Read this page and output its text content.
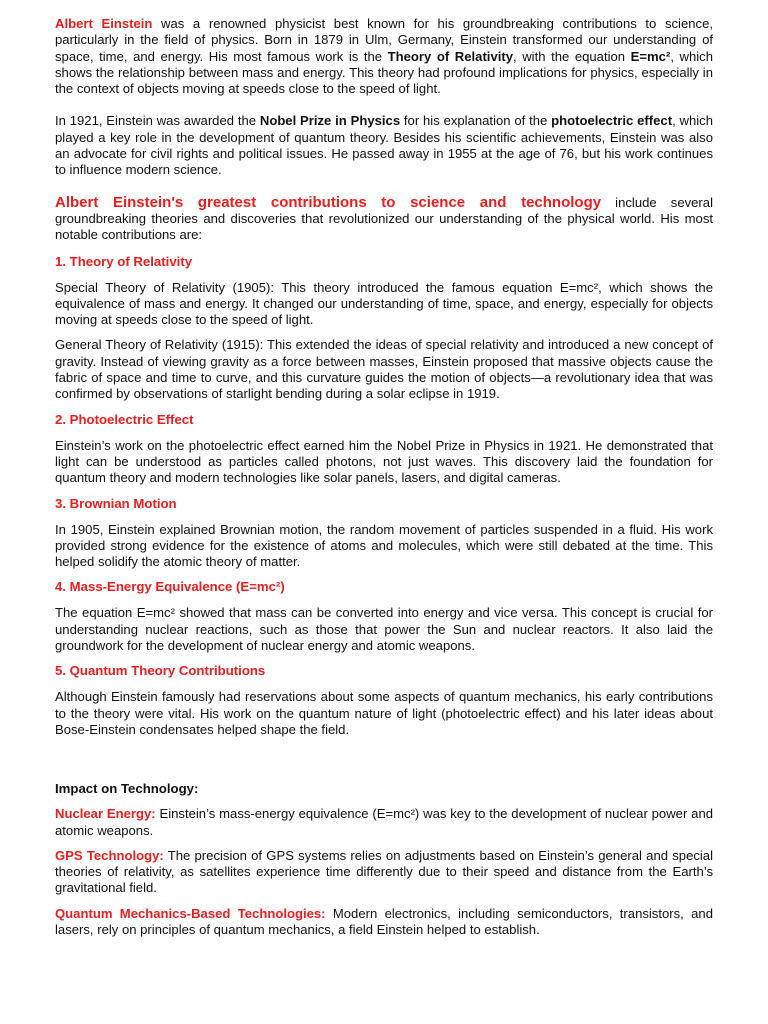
Albert Einstein was a renowned physicist best known for his groundbreaking contributions to science, particularly in the field of physics. Born in 1879 in Ulm, Germany, Einstein transformed our understanding of space, time, and energy. His most famous work is the Theory of Relativity, with the equation E=mc², which shows the relationship between mass and energy. This theory had profound implications for physics, especially in the context of objects moving at speeds close to the speed of light.

In 1921, Einstein was awarded the Nobel Prize in Physics for his explanation of the photoelectric effect, which played a key role in the development of quantum theory. Besides his scientific achievements, Einstein was also an advocate for civil rights and political issues. He passed away in 1955 at the age of 76, but his work continues to influence modern science.

Albert Einstein's greatest contributions to science and technology include several groundbreaking theories and discoveries that revolutionized our understanding of the physical world. His most notable contributions are:

1. Theory of Relativity

Special Theory of Relativity (1905): This theory introduced the famous equation E=mc², which shows the equivalence of mass and energy. It changed our understanding of time, space, and energy, especially for objects moving at speeds close to the speed of light.

General Theory of Relativity (1915): This extended the ideas of special relativity and introduced a new concept of gravity. Instead of viewing gravity as a force between masses, Einstein proposed that massive objects cause the fabric of space and time to curve, and this curvature guides the motion of objects—a revolutionary idea that was confirmed by observations of starlight bending during a solar eclipse in 1919.

2. Photoelectric Effect

Einstein’s work on the photoelectric effect earned him the Nobel Prize in Physics in 1921. He demonstrated that light can be understood as particles called photons, not just waves. This discovery laid the foundation for quantum theory and modern technologies like solar panels, lasers, and digital cameras.

3. Brownian Motion

In 1905, Einstein explained Brownian motion, the random movement of particles suspended in a fluid. His work provided strong evidence for the existence of atoms and molecules, which were still debated at the time. This helped solidify the atomic theory of matter.

4. Mass-Energy Equivalence (E=mc²)

The equation E=mc² showed that mass can be converted into energy and vice versa. This concept is crucial for understanding nuclear reactions, such as those that power the Sun and nuclear reactors. It also laid the groundwork for the development of nuclear energy and atomic weapons.

5. Quantum Theory Contributions

Although Einstein famously had reservations about some aspects of quantum mechanics, his early contributions to the theory were vital. His work on the quantum nature of light (photoelectric effect) and his later ideas about Bose-Einstein condensates helped shape the field.

Impact on Technology:

Nuclear Energy: Einstein’s mass-energy equivalence (E=mc²) was key to the development of nuclear power and atomic weapons.

GPS Technology: The precision of GPS systems relies on adjustments based on Einstein’s general and special theories of relativity, as satellites experience time differently due to their speed and distance from the Earth’s gravitational field.

Quantum Mechanics-Based Technologies: Modern electronics, including semiconductors, transistors, and lasers, rely on principles of quantum mechanics, a field Einstein helped to establish.
